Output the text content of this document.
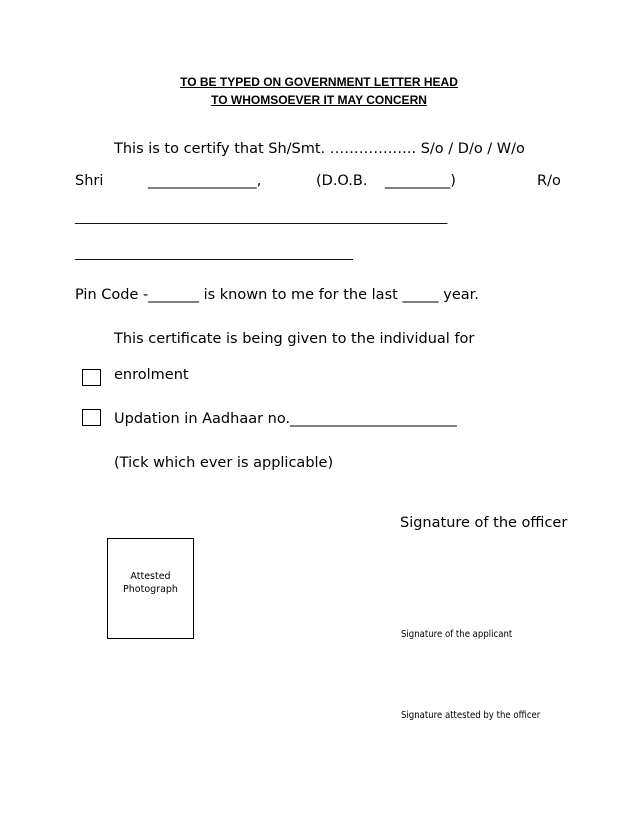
TO BE TYPED ON GOVERNMENT LETTER HEAD
TO WHOMSOEVER IT MAY CONCERN
This is to certify that Sh/Smt. ………….….. S/o / D/o / W/o
Shri	_______________,	(D.O.B. _________)	R/o
_______________________________________________________________
_______________________________________________
Pin Code -_______ is known to me for the last _____ year.
This certificate is being given to the individual for
enrolment
Updation in Aadhaar no._______________________
(Tick which ever is applicable)
Signature of the officer
Attested
Photograph
Signature of the applicant
Signature attested by the officer
